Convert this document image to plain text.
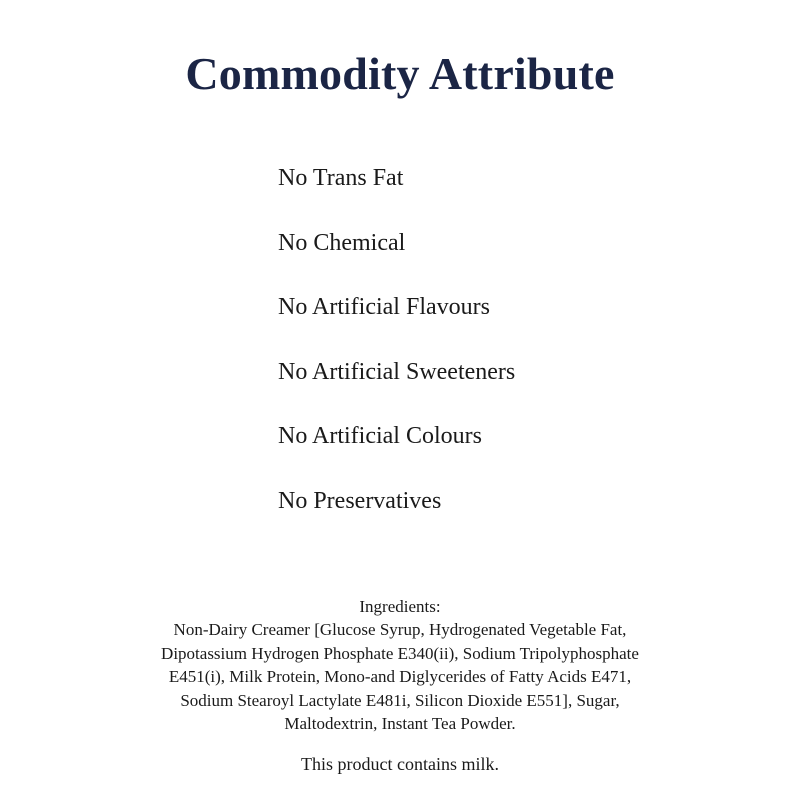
Commodity Attribute
No Trans Fat
No Chemical
No Artificial Flavours
No Artificial Sweeteners
No Artificial Colours
No Preservatives
Ingredients:
Non-Dairy Creamer [Glucose Syrup, Hydrogenated Vegetable Fat,
Dipotassium Hydrogen Phosphate E340(ii), Sodium Tripolyphosphate
E451(i), Milk Protein, Mono-and Diglycerides of Fatty Acids E471,
Sodium Stearoyl Lactylate E481i, Silicon Dioxide E551], Sugar,
Maltodextrin, Instant Tea Powder.
This product contains milk.
